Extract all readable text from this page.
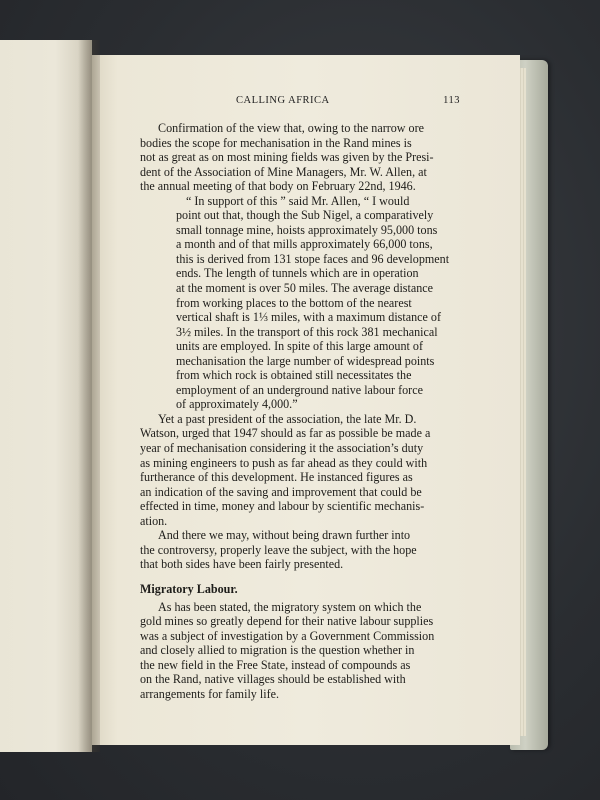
CALLING AFRICA	113
Confirmation of the view that, owing to the narrow ore
bodies the scope for mechanisation in the Rand mines is
not as great as on most mining fields was given by the Presi-
dent of the Association of Mine Managers, Mr. W. Allen, at
the annual meeting of that body on February 22nd, 1946.
“ In support of this ” said Mr. Allen, “ I would
point out that, though the Sub Nigel, a comparatively
small tonnage mine, hoists approximately 95,000 tons
a month and of that mills approximately 66,000 tons,
this is derived from 131 stope faces and 96 development
ends. The length of tunnels which are in operation
at the moment is over 50 miles. The average distance
from working places to the bottom of the nearest
vertical shaft is 1⅓ miles, with a maximum distance of
3½ miles. In the transport of this rock 381 mechanical
units are employed. In spite of this large amount of
mechanisation the large number of widespread points
from which rock is obtained still necessitates the
employment of an underground native labour force
of approximately 4,000.”
Yet a past president of the association, the late Mr. D.
Watson, urged that 1947 should as far as possible be made a
year of mechanisation considering it the association’s duty
as mining engineers to push as far ahead as they could with
furtherance of this development. He instanced figures as
an indication of the saving and improvement that could be
effected in time, money and labour by scientific mechanis-
ation.
And there we may, without being drawn further into
the controversy, properly leave the subject, with the hope
that both sides have been fairly presented.
Migratory Labour.
As has been stated, the migratory system on which the
gold mines so greatly depend for their native labour supplies
was a subject of investigation by a Government Commission
and closely allied to migration is the question whether in
the new field in the Free State, instead of compounds as
on the Rand, native villages should be established with
arrangements for family life.
